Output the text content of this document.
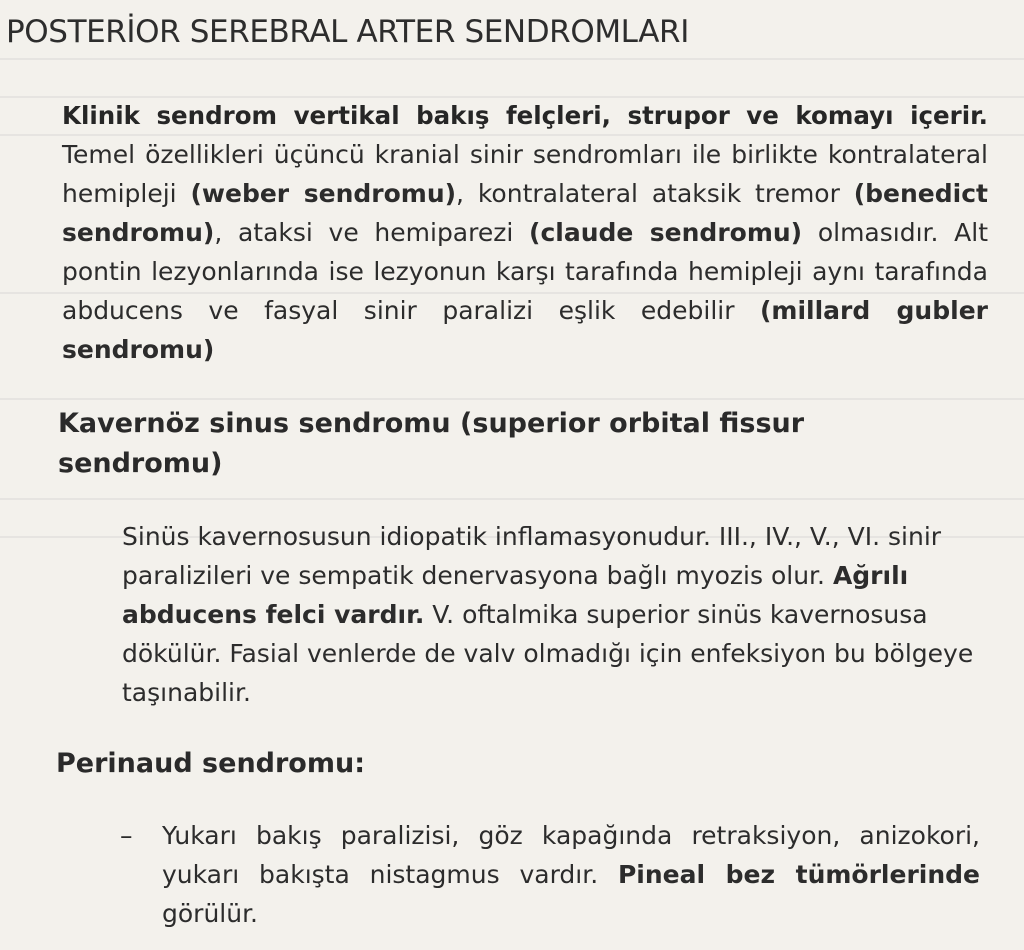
POSTERİOR SEREBRAL ARTER SENDROMLARI

Klinik sendrom vertikal bakış felçleri, strupor ve komayı içerir. Temel özellikleri üçüncü kranial sinir sendromları ile birlikte kontralateral hemipleji (weber sendromu), kontralateral ataksik tremor (benedict sendromu), ataksi ve hemiparezi (claude sendromu) olmasıdır. Alt pontin lezyonlarında ise lezyonun karşı tarafında hemipleji aynı tarafında abducens ve fasyal sinir paralizi eşlik edebilir (millard gubler sendromu)

Kavernöz sinus sendromu (superior orbital fissur sendromu)

Sinüs kavernosusun idiopatik inflamasyonudur. III., IV., V., VI. sinir paralizileri ve sempatik denervasyona bağlı myozis olur. Ağrılı abducens felci vardır. V. oftalmika superior sinüs kavernosusa dökülür. Fasial venlerde de valv olmadığı için enfeksiyon bu bölgeye taşınabilir.

Perinaud sendromu:
–	Yukarı bakış paralizisi, göz kapağında retraksiyon, anizokori, yukarı bakışta nistagmus vardır. Pineal bez tümörlerinde görülür.
